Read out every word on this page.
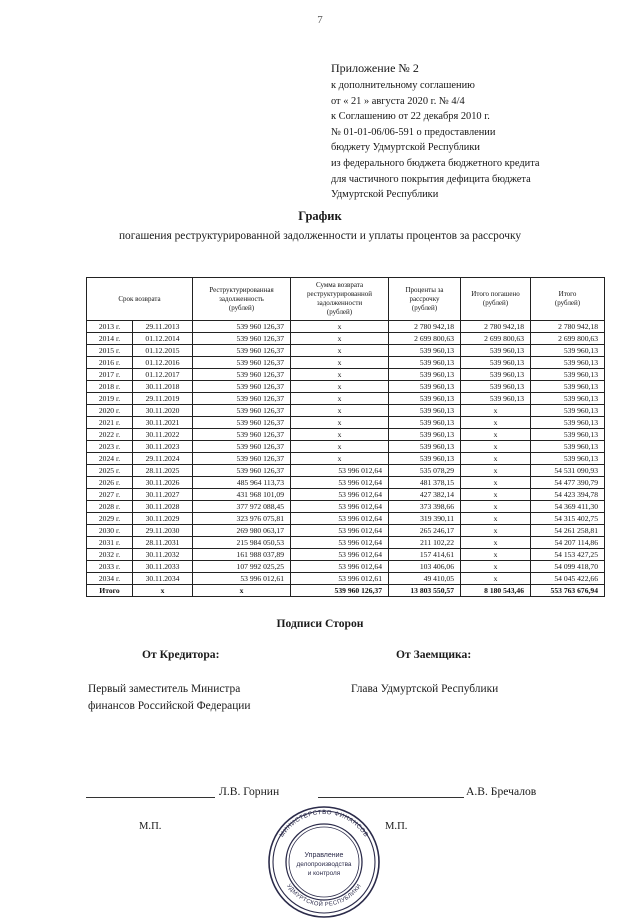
7
Приложение № 2
к дополнительному соглашению
от « 21 » августа 2020 г. № 4/4
к Соглашению от 22 декабря 2010 г.
№ 01-01-06/06-591 о предоставлении
бюджету Удмуртской Республики
из федерального бюджета бюджетного кредита
для частичного покрытия дефицита бюджета
Удмуртской Республики
График
погашения реструктурированной задолженности и уплаты процентов за рассрочку
Срок возврата	
Реструктурированная
задолженность
(рублей)

Сумма возврата
реструктурированной
задолженности
(рублей)

Проценты за
рассрочку
(рублей)

Итого погашено
(рублей)

Итого
(рублей)

2013 г.	29.11.2013	539 960 126,37	x	2 780 942,18	2 780 942,18	2 780 942,18
2014 г.	01.12.2014	539 960 126,37	x	2 699 800,63	2 699 800,63	2 699 800,63
2015 г.	01.12.2015	539 960 126,37	x	539 960,13	539 960,13	539 960,13
2016 г.	01.12.2016	539 960 126,37	x	539 960,13	539 960,13	539 960,13
2017 г.	01.12.2017	539 960 126,37	x	539 960,13	539 960,13	539 960,13
2018 г.	30.11.2018	539 960 126,37	x	539 960,13	539 960,13	539 960,13
2019 г.	29.11.2019	539 960 126,37	x	539 960,13	539 960,13	539 960,13
2020 г.	30.11.2020	539 960 126,37	x	539 960,13	x	539 960,13
2021 г.	30.11.2021	539 960 126,37	x	539 960,13	x	539 960,13
2022 г.	30.11.2022	539 960 126,37	x	539 960,13	x	539 960,13
2023 г.	30.11.2023	539 960 126,37	x	539 960,13	x	539 960,13
2024 г.	29.11.2024	539 960 126,37	x	539 960,13	x	539 960,13
2025 г.	28.11.2025	539 960 126,37	53 996 012,64	535 078,29	x	54 531 090,93
2026 г.	30.11.2026	485 964 113,73	53 996 012,64	481 378,15	x	54 477 390,79
2027 г.	30.11.2027	431 968 101,09	53 996 012,64	427 382,14	x	54 423 394,78
2028 г.	30.11.2028	377 972 088,45	53 996 012,64	373 398,66	x	54 369 411,30
2029 г.	30.11.2029	323 976 075,81	53 996 012,64	319 390,11	x	54 315 402,75
2030 г.	29.11.2030	269 980 063,17	53 996 012,64	265 246,17	x	54 261 258,81
2031 г.	28.11.2031	215 984 050,53	53 996 012,64	211 102,22	x	54 207 114,86
2032 г.	30.11.2032	161 988 037,89	53 996 012,64	157 414,61	x	54 153 427,25
2033 г.	30.11.2033	107 992 025,25	53 996 012,64	103 406,06	x	54 099 418,70
2034 г.	30.11.2034	53 996 012,61	53 996 012,61	49 410,05	x	54 045 422,66
Итого	x	x	539 960 126,37	13 803 550,57	8 180 543,46	553 763 676,94
Подписи Сторон
От Кредитора:	От Заемщика:
Первый заместитель Министра
финансов Российской Федерации
Глава Удмуртской Республики
Л.В. Горнин	А.В. Бречалов
М.П.	М.П.
МИНИСТЕРСТВО ФИНАНСОВ
УДМУРТСКОЙ РЕСПУБЛИКИ
Управление
делопроизводства
и контроля
